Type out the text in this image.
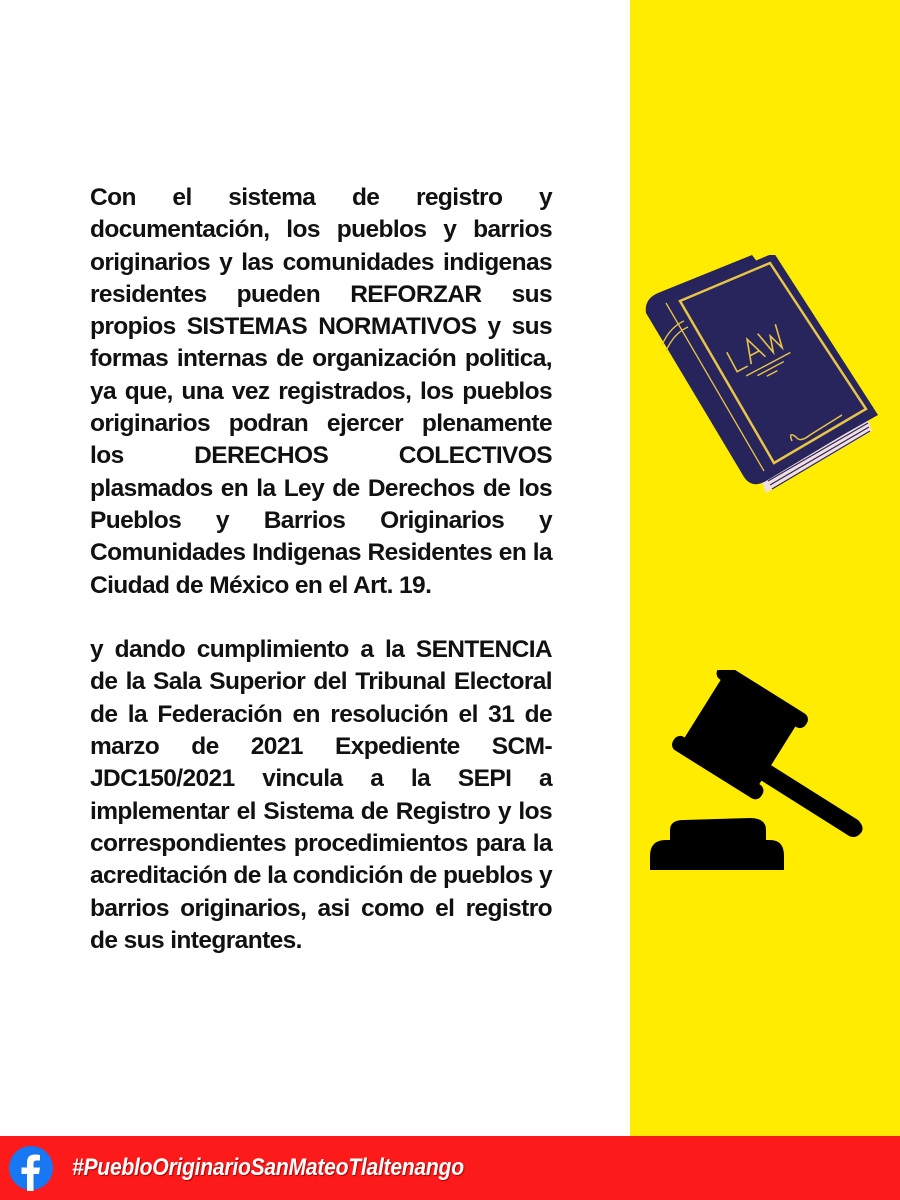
Con el sistema de registro y documentación, los pueblos y barrios originarios y las comunidades indigenas residentes pueden REFORZAR sus propios SISTEMAS NORMATIVOS y sus formas internas de organización politica, ya que, una vez registrados, los pueblos originarios podran ejercer plenamente los DERECHOS COLECTIVOS plasmados en la Ley de Derechos de los Pueblos y Barrios Originarios y Comunidades Indigenas Residentes en la Ciudad de México en el Art. 19.

y dando cumplimiento a la SENTENCIA de la Sala Superior del Tribunal Electoral de la Federación en resolución el 31 de marzo de 2021 Expediente SCM-JDC150/2021 vincula a la SEPI a implementar el Sistema de Registro y los correspondientes procedimientos para la acreditación de la condición de pueblos y barrios originarios, asi como el registro de sus integrantes.

#PuebloOriginarioSanMateoTlaltenango
